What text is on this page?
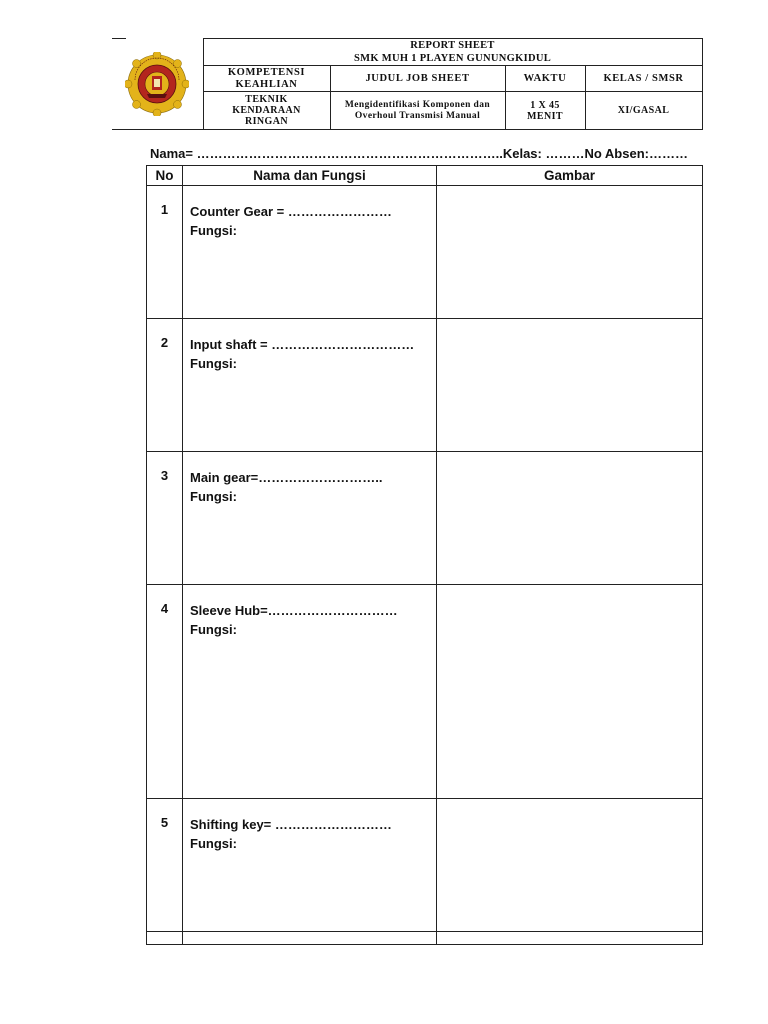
REPORT SHEET
SMK MUH 1 PLAYEN GUNUNGKIDUL			

	KOMPETENSI KEAHLIAN	JUDUL JOB SHEET	WAKTU	KELAS / SMSR
	TEKNIK KENDARAAN RINGAN	Mengidentifikasi Komponen dan Overhoul Transmisi Manual	1 X 45 MENIT	XI/GASAL
Nama= ……………………………………………………………..Kelas: ………No Absen:………
No	Nama dan Fungsi	Gambar
1	Counter Gear = ……………………
Fungsi:	

2	Input shaft = ……………………………
Fungsi:	

3	Main gear=………………………..
Fungsi:	

4	Sleeve Hub=…………………………
Fungsi:	

5	Shifting key= ………………………
Fungsi:	
